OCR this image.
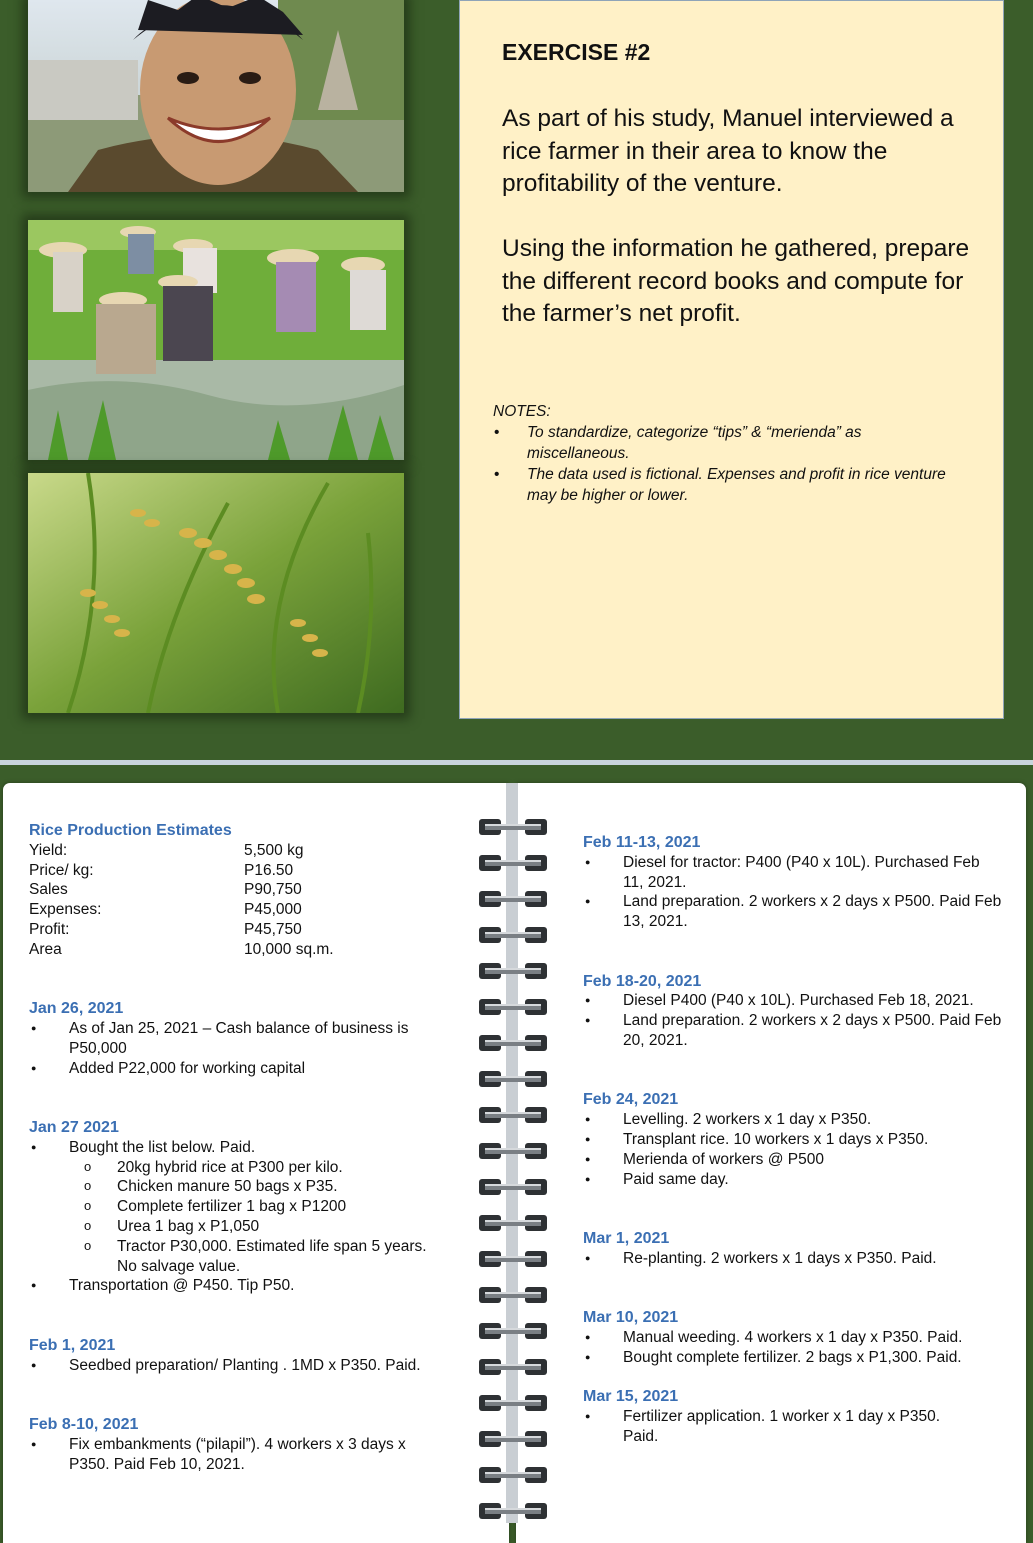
EXERCISE #2

As part of his study, Manuel interviewed a rice farmer in their area to know the profitability of the venture.

Using the information he gathered, prepare the different record books and compute for the farmer’s net profit.

NOTES:
• To standardize, categorize “tips” & “merienda” as miscellaneous.
• The data used is fictional. Expenses and profit in rice venture may be higher or lower.
Rice Production Estimates
Yield:	5,500 kg
Price/ kg:	P16.50
Sales	P90,750
Expenses:	P45,000
Profit:	P45,750
Area	10,000 sq.m.
Jan 26, 2021
● As of Jan 25, 2021 – Cash balance of business is P50,000
● Added P22,000 for working capital
Jan 27 2021
● Bought the list below. Paid.
o 20kg hybrid rice at P300 per kilo.
o Chicken manure 50 bags x P35.
o Complete fertilizer 1 bag x P1200
o Urea 1 bag x P1,050
o Tractor P30,000. Estimated life span 5 years. No salvage value.
● Transportation @ P450. Tip P50.
Feb 1, 2021
● Seedbed preparation/ Planting . 1MD x P350. Paid.
Feb 8-10, 2021
● Fix embankments (“pilapil”). 4 workers x 3 days x P350. Paid Feb 10, 2021.
Feb 11-13, 2021
● Diesel for tractor: P400 (P40 x 10L). Purchased Feb 11, 2021.
● Land preparation. 2 workers x 2 days x P500. Paid Feb 13, 2021.
Feb 18-20, 2021
● Diesel P400 (P40 x 10L). Purchased Feb 18, 2021.
● Land preparation. 2 workers x 2 days x P500. Paid Feb 20, 2021.
Feb 24, 2021
● Levelling. 2 workers x 1 day x P350.
● Transplant rice. 10 workers x 1 days x P350.
● Merienda of workers @ P500
● Paid same day.
Mar 1, 2021
● Re-planting. 2 workers x 1 days x P350. Paid.
Mar 10, 2021
● Manual weeding. 4 workers x 1 day x P350. Paid.
● Bought complete fertilizer. 2 bags x P1,300. Paid.
Mar 15, 2021
● Fertilizer application. 1 worker x 1 day x P350. Paid.
